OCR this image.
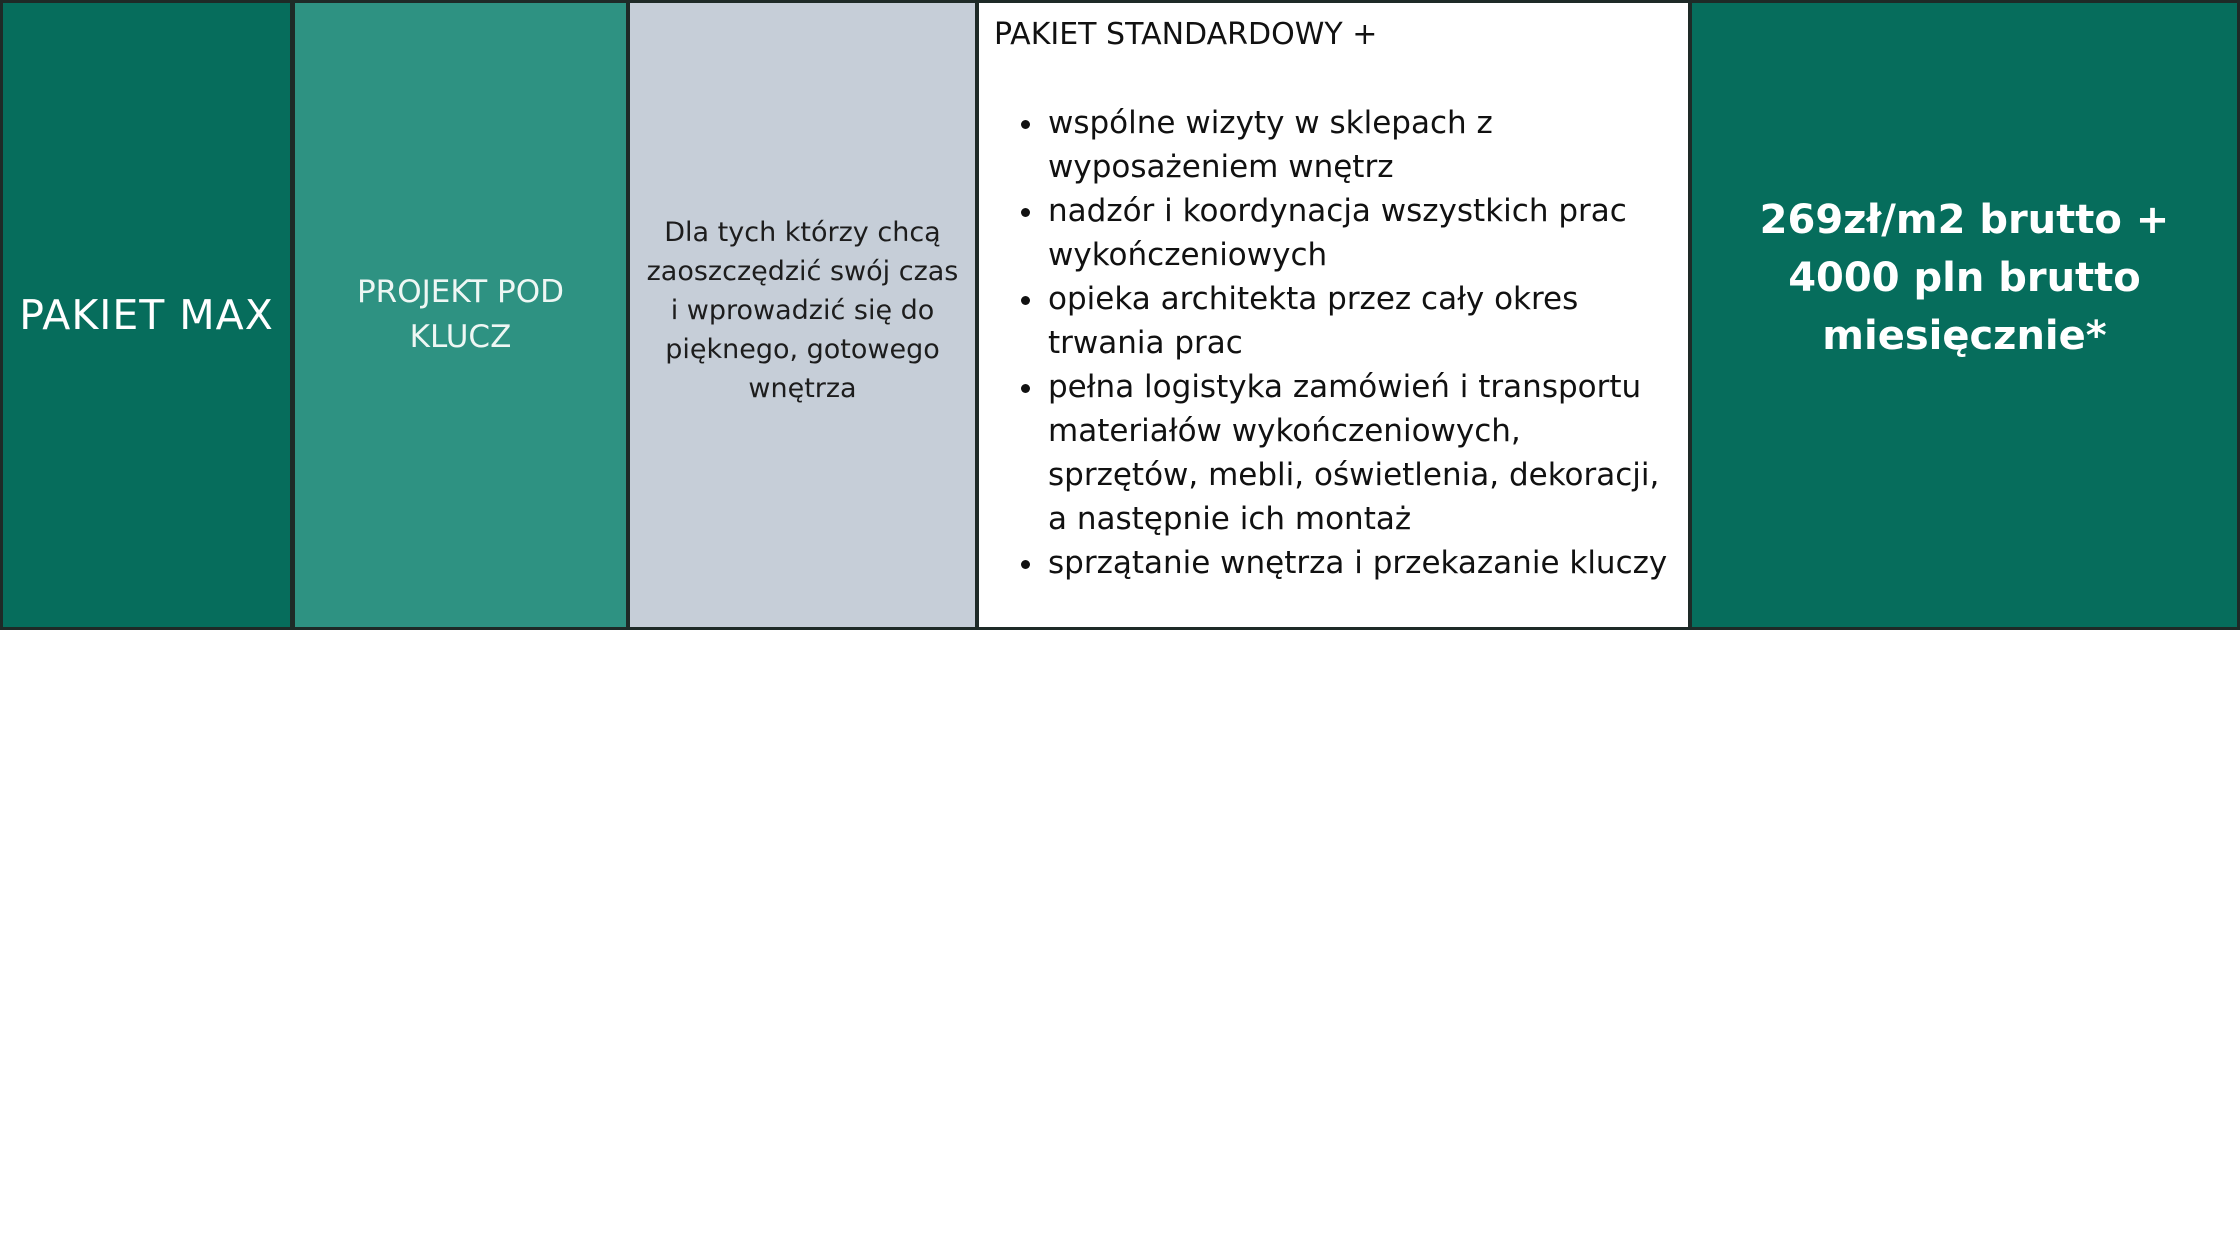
PAKIET MAX	PROJEKT POD KLUCZ
Dla tych którzy chcą zaoszczędzić swój czas i wprowadzić się do pięknego, gotowego wnętrza
PAKIET STANDARDOWY +
• wspólne wizyty w sklepach z wyposażeniem wnętrz
• nadzór i koordynacja wszystkich prac wykończeniowych
• opieka architekta przez cały okres trwania prac
• pełna logistyka zamówień i transportu materiałów wykończeniowych, sprzętów, mebli, oświetlenia, dekoracji, a następnie ich montaż
• sprzątanie wnętrza i przekazanie kluczy
269zł/m2 brutto + 4000 pln brutto miesięcznie*
